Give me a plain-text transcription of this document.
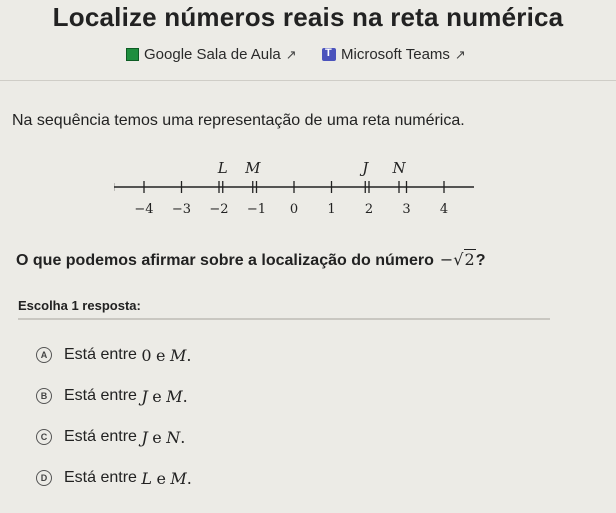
Localize números reais na reta numérica
Google Sala de Aula ↗
T	Microsoft Teams ↗
Na sequência temos uma representação de uma reta numérica.
−4 −3 −2 −1 0 1 2 3 4
L M	J N
O que podemos afirmar sobre a localização do número −√2 ?
Escolha 1 resposta:
A Está entre
0
e
M .
B Está entre
J
e
M .
C Está entre
J
e
N .
D Está entre
L
e
M .
